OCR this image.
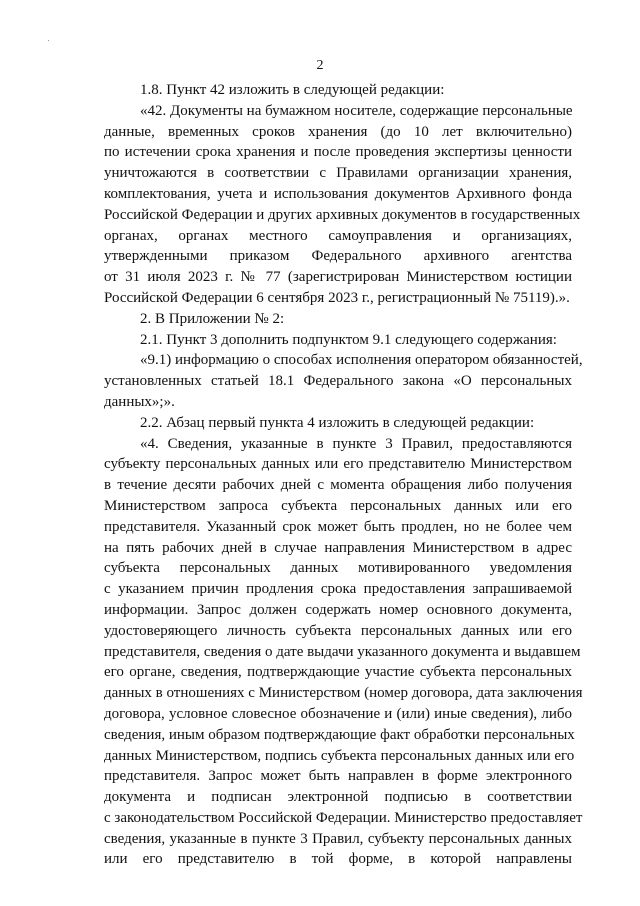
2
1.8. Пункт 42 изложить в следующей редакции:
«42. Документы на бумажном носителе, содержащие персональные
данные, временных сроков хранения (до 10 лет включительно)
по истечении срока хранения и после проведения экспертизы ценности
уничтожаются в соответствии с Правилами организации хранения,
комплектования, учета и использования документов Архивного фонда
Российской Федерации и других архивных документов в государственных
органах, органах местного самоуправления и организациях,
утвержденными приказом Федерального архивного агентства
от 31 июля 2023 г. № 77 (зарегистрирован Министерством юстиции
Российской Федерации 6 сентября 2023 г., регистрационный № 75119).».
2. В Приложении № 2:
2.1. Пункт 3 дополнить подпунктом 9.1 следующего содержания:
«9.1) информацию о способах исполнения оператором обязанностей,
установленных статьей 18.1 Федерального закона «О персональных
данных»;».
2.2. Абзац первый пункта 4 изложить в следующей редакции:
«4. Сведения, указанные в пункте 3 Правил, предоставляются
субъекту персональных данных или его представителю Министерством
в течение десяти рабочих дней с момента обращения либо получения
Министерством запроса субъекта персональных данных или его
представителя. Указанный срок может быть продлен, но не более чем
на пять рабочих дней в случае направления Министерством в адрес
субъекта персональных данных мотивированного уведомления
с указанием причин продления срока предоставления запрашиваемой
информации. Запрос должен содержать номер основного документа,
удостоверяющего личность субъекта персональных данных или его
представителя, сведения о дате выдачи указанного документа и выдавшем
его органе, сведения, подтверждающие участие субъекта персональных
данных в отношениях с Министерством (номер договора, дата заключения
договора, условное словесное обозначение и (или) иные сведения), либо
сведения, иным образом подтверждающие факт обработки персональных
данных Министерством, подпись субъекта персональных данных или его
представителя. Запрос может быть направлен в форме электронного
документа и подписан электронной подписью в соответствии
с законодательством Российской Федерации. Министерство предоставляет
сведения, указанные в пункте 3 Правил, субъекту персональных данных
или его представителю в той форме, в которой направлены
